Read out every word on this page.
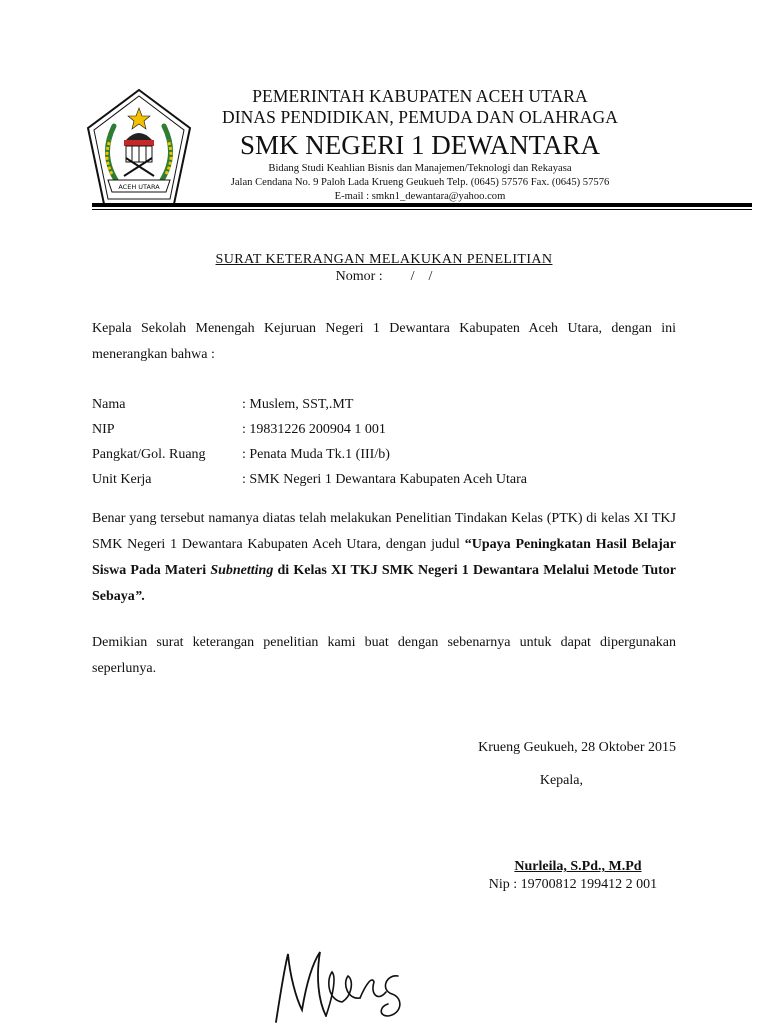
ACEH UTARA
PEMERINTAH KABUPATEN ACEH UTARA
DINAS PENDIDIKAN, PEMUDA DAN OLAHRAGA
SMK NEGERI 1 DEWANTARA
Bidang Studi Keahlian Bisnis dan Manajemen/Teknologi dan Rekayasa
Jalan Cendana No. 9 Paloh Lada Krueng Geukueh Telp. (0645) 57576 Fax. (0645) 57576
E-mail : smkn1_dewantara@yahoo.com
SURAT KETERANGAN MELAKUKAN PENELITIAN
Nomor :        /    /
Kepala Sekolah Menengah Kejuruan Negeri 1 Dewantara Kabupaten Aceh Utara, dengan ini menerangkan bahwa :
Nama	: Muslem, SST,.MT
NIP	: 19831226 200904 1 001
Pangkat/Gol. Ruang	: Penata Muda Tk.1 (III/b)
Unit Kerja	: SMK Negeri 1 Dewantara Kabupaten Aceh Utara
Benar yang tersebut namanya diatas telah melakukan Penelitian Tindakan Kelas (PTK) di kelas XI TKJ SMK Negeri 1 Dewantara Kabupaten Aceh Utara, dengan judul “Upaya Peningkatan Hasil Belajar Siswa Pada Materi Subnetting di Kelas XI TKJ SMK Negeri 1 Dewantara Melalui Metode Tutor Sebaya”.
Demikian surat keterangan penelitian kami buat dengan sebenarnya untuk dapat dipergunakan seperlunya.
Krueng Geukueh, 28 Oktober 2015
Kepala,
Nurleila, S.Pd., M.Pd
Nip : 19700812 199412 2 001
